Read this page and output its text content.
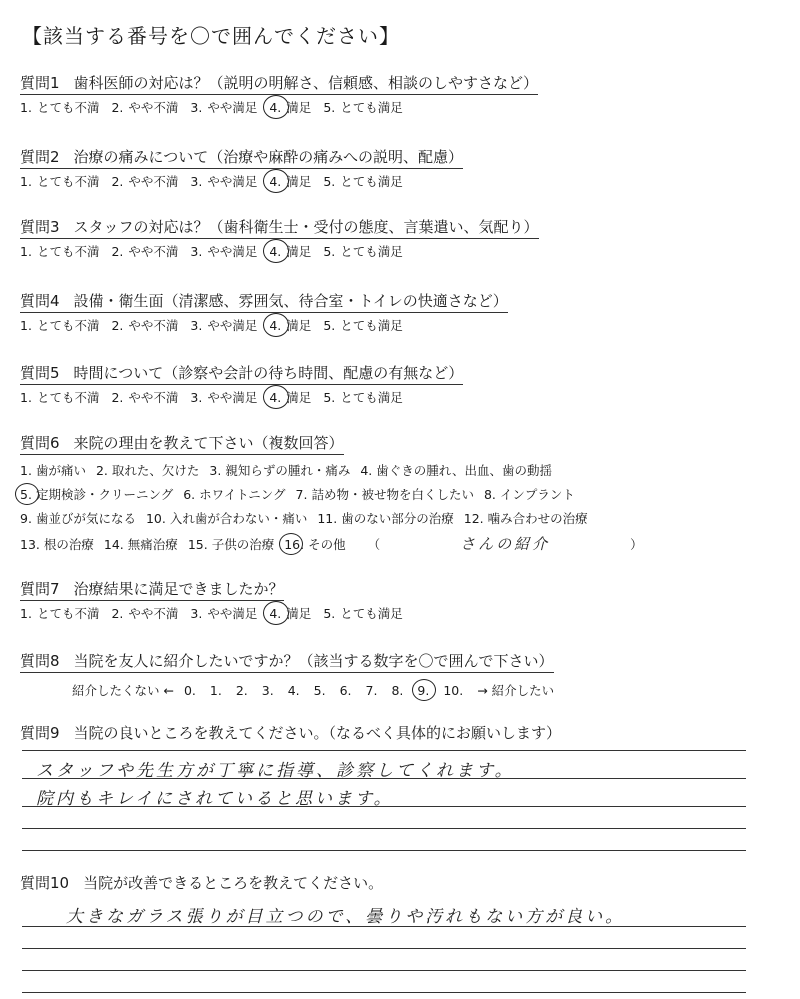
【該当する番号を〇で囲んでください】
質問1 歯科医師の対応は？（説明の明解さ、信頼感、相談のしやすさなど）
1. とても不満 2. やや不満 3. やや満足 4. 満足 5. とても満足
質問2 治療の痛みについて（治療や麻酔の痛みへの説明、配慮）
1. とても不満 2. やや不満 3. やや満足 4. 満足 5. とても満足
質問3 スタッフの対応は？（歯科衛生士・受付の態度、言葉遣い、気配り）
1. とても不満 2. やや不満 3. やや満足 4. 満足 5. とても満足
質問4 設備・衛生面（清潔感、雰囲気、待合室・トイレの快適さなど）
1. とても不満 2. やや不満 3. やや満足 4. 満足 5. とても満足
質問5 時間について（診察や会計の待ち時間、配慮の有無など）
1. とても不満 2. やや不満 3. やや満足 4. 満足 5. とても満足
質問6 来院の理由を教えて下さい（複数回答）
1. 歯が痛い 2. 取れた、欠けた 3. 親知らずの腫れ・痛み 4. 歯ぐきの腫れ、出血、歯の動揺
5. 定期検診・クリーニング 6. ホワイトニング 7. 詰め物・被せ物を白くしたい 8. インプラント
9. 歯並びが気になる 10. 入れ歯が合わない・痛い 11. 歯のない部分の治療 12. 噛み合わせの治療
13. 根の治療 14. 無痛治療 15. 子供の治療 16. その他 （	さんの紹介	）
質問7 治療結果に満足できましたか？
1. とても不満 2. やや不満 3. やや満足 4. 満足 5. とても満足
質問8 当院を友人に紹介したいですか？（該当する数字を〇で囲んで下さい）
紹介したくない ← 0. 1. 2. 3. 4. 5. 6. 7. 8. 9. 10. → 紹介したい
質問9 当院の良いところを教えてください。（なるべく具体的にお願いします）
スタッフや先生方が丁寧に指導、診察してくれます。
院内もキレイにされていると思います。
質問10 当院が改善できるところを教えてください。
大きなガラス張りが目立つので、曇りや汚れもない方が良い。
